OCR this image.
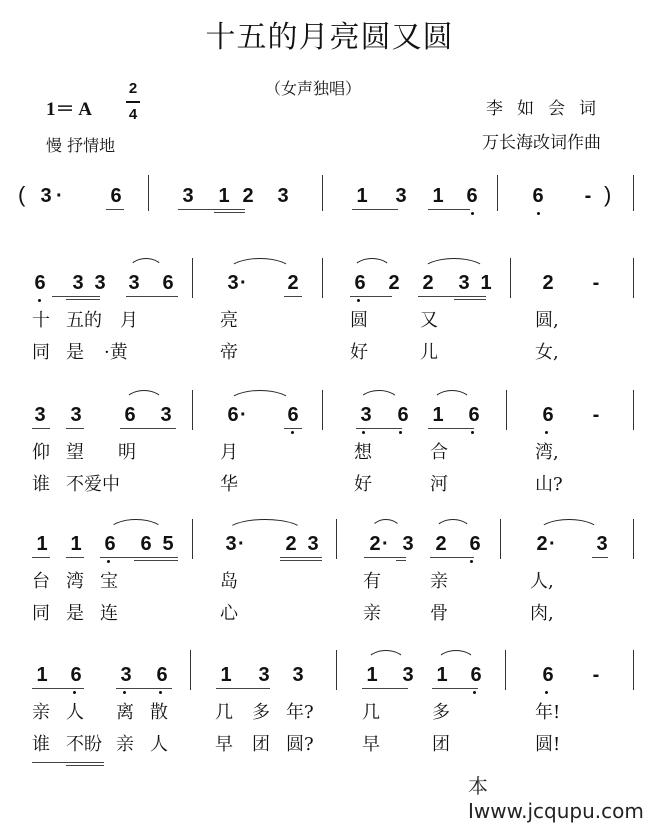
十五的月亮圆又圆
（女声独唱）
1＝ A
2
4
慢 抒情地
李如会词
万长海改词作曲
( 3	6	3 1 2 3	1 3 1 6	6 - )
·
6 3 3 3 6	3 2	6 2 2 3 1	2 -
十 五的 月	亮	圆	又	圆,
同 是 ·黄	帝	好	儿	女,
3 3 6 3	6 6	3 6 1 6	6 -
仰 望 明	月	想	合	湾,
谁 不爱中	华	好	河	山?
1 1 6 6 5	3 2 3	2 3 2 6	2 3
台 湾 宝	岛	有	亲	人,
同 是 连	心	亲	骨	肉,
1 6 3 6	1 3 3	1 3 1 6	6 -
亲 人 离 散	几 多 年?	几	多	年!
谁 不盼 亲 人	早 团 圆?	早	团	圆!
·
·
·	·	·
本Iwww.jcqupu.com
